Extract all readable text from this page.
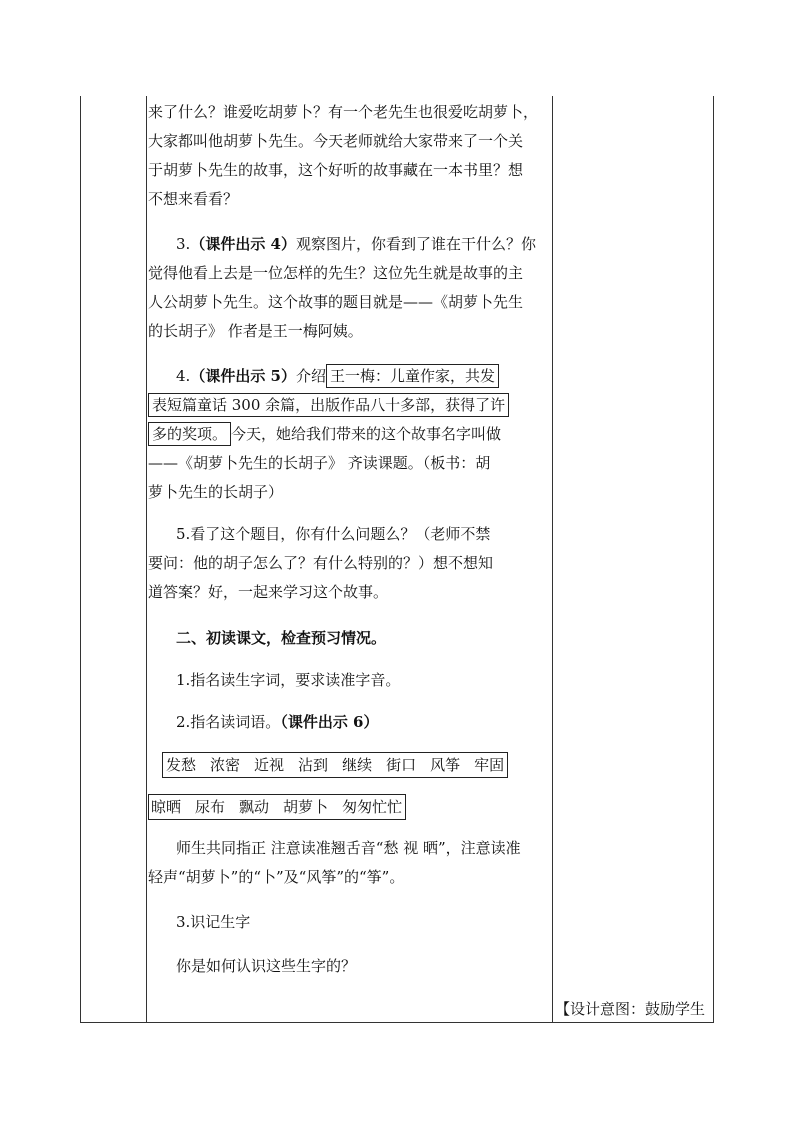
来了什么？谁爱吃胡萝卜？有一个老先生也很爱吃胡萝卜，
大家都叫他胡萝卜先生。今天老师就给大家带来了一个关
于胡萝卜先生的故事，这个好听的故事藏在一本书里？想
不想来看看？
3.（课件出示 4）观察图片，你看到了谁在干什么？你
觉得他看上去是一位怎样的先生？这位先生就是故事的主
人公胡萝卜先生。这个故事的题目就是——《胡萝卜先生
的长胡子》 作者是王一梅阿姨。
4.（课件出示 5）介绍 王一梅：儿童作家，共发
表短篇童话 300 余篇，出版作品八十多部，获得了许
多的奖项。 今天，她给我们带来的这个故事名字叫做
——《胡萝卜先生的长胡子》 齐读课题。（板书：胡
萝卜先生的长胡子）
5.看了这个题目，你有什么问题么？（老师不禁
要问：他的胡子怎么了？有什么特别的？）想不想知
道答案？好，一起来学习这个故事。
二、初读课文，检查预习情况。
1.指名读生字词，要求读准字音。
2.指名读词语。（课件出示 6）
发愁 浓密 近视 沾到 继续 街口 风筝 牢固
晾晒 尿布 飘动 胡萝卜 匆匆忙忙
师生共同指正 注意读准翘舌音“愁 视 晒”，注意读准
轻声“胡萝卜”的“卜”及“风筝”的“筝”。
3.识记生字
你是如何认识这些生字的？
【设计意图：鼓励学生
